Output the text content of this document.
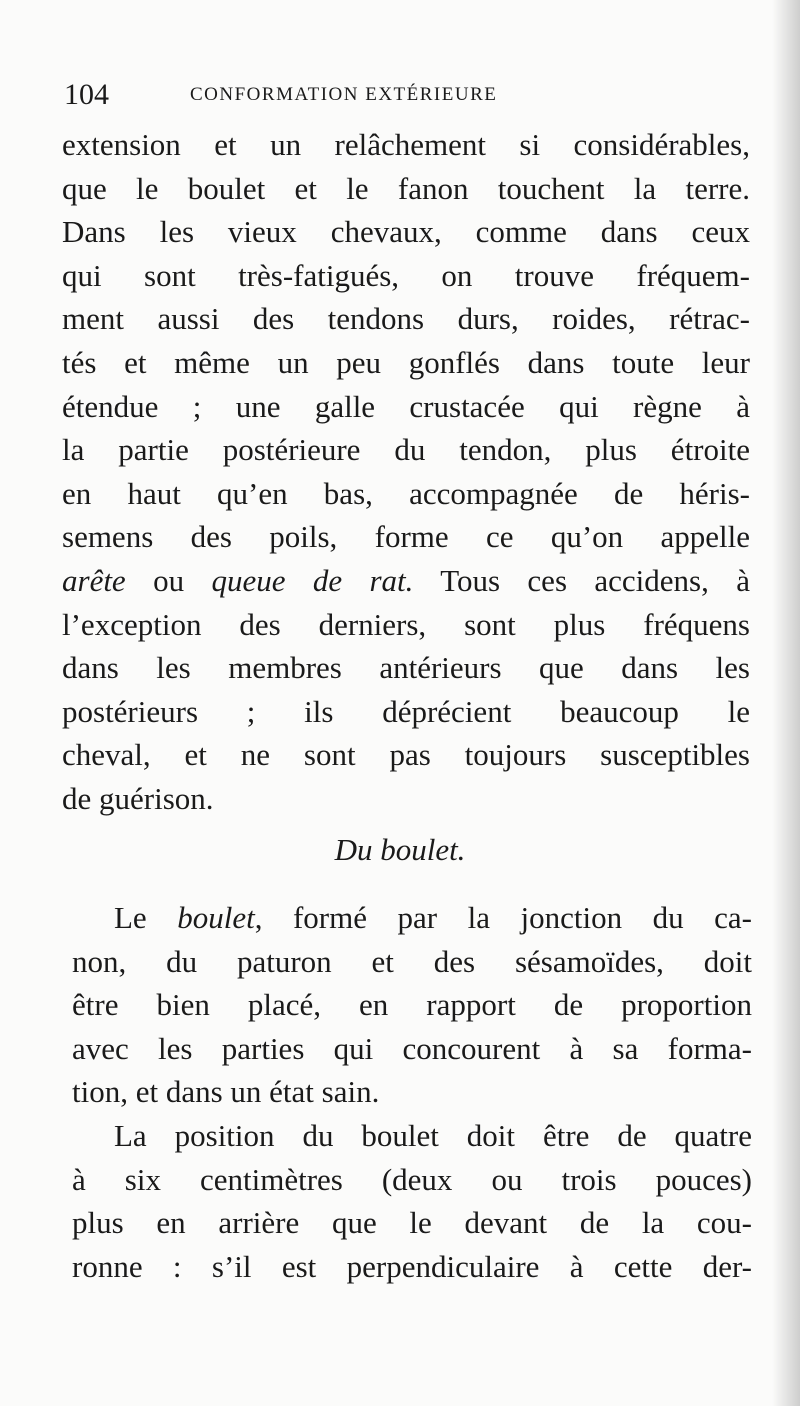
104	CONFORMATION EXTÉRIEURE
extension et un relâchement si considérables,
que le boulet et le fanon touchent la terre.
Dans les vieux chevaux, comme dans ceux
qui sont très-fatigués, on trouve fréquem-
ment aussi des tendons durs, roides, rétrac-
tés et même un peu gonflés dans toute leur
étendue ; une galle crustacée qui règne à
la partie postérieure du tendon, plus étroite
en haut qu’en bas, accompagnée de héris-
semens des poils, forme ce qu’on appelle
arête ou queue de rat. Tous ces accidens, à
l’exception des derniers, sont plus fréquens
dans les membres antérieurs que dans les
postérieurs ; ils déprécient beaucoup le
cheval, et ne sont pas toujours susceptibles
de guérison.
Du boulet.
Le boulet, formé par la jonction du ca-
non, du paturon et des sésamoïdes, doit
être bien placé, en rapport de proportion
avec les parties qui concourent à sa forma-
tion, et dans un état sain.
La position du boulet doit être de quatre
à six centimètres (deux ou trois pouces)
plus en arrière que le devant de la cou-
ronne : s’il est perpendiculaire à cette der-
